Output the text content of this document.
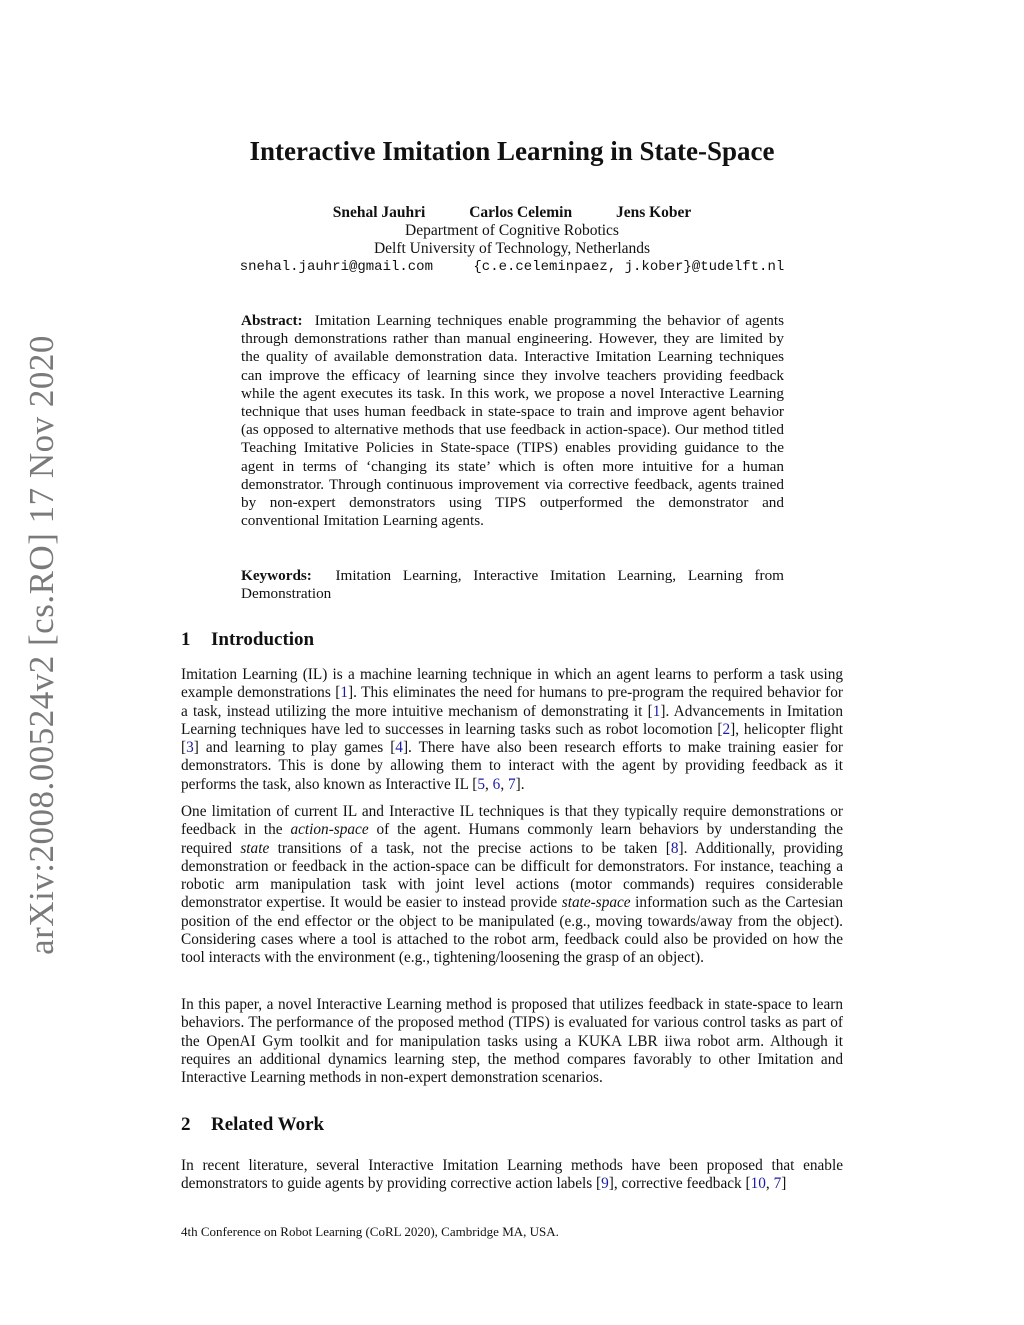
arXiv:2008.00524v2 [cs.RO] 17 Nov 2020
Interactive Imitation Learning in State-Space
Snehal Jauhri	Carlos Celemin	Jens Kober
Department of Cognitive Robotics
Delft University of Technology, Netherlands
snehal.jauhri@gmail.com	{c.e.celeminpaez, j.kober}@tudelft.nl

Abstract: Imitation Learning techniques enable programming the behavior of agents through demonstrations rather than manual engineering. However, they are limited by the quality of available demonstration data. Interactive Imitation Learning techniques can improve the efficacy of learning since they involve teachers providing feedback while the agent executes its task. In this work, we propose a novel Interactive Learning technique that uses human feedback in state-space to train and improve agent behavior (as opposed to alternative methods that use feedback in action-space). Our method titled Teaching Imitative Policies in State-space (TIPS) enables providing guidance to the agent in terms of ‘changing its state’ which is often more intuitive for a human demonstrator. Through continuous improvement via corrective feedback, agents trained by non-expert demonstrators using TIPS outperformed the demonstrator and conventional Imitation Learning agents.

Keywords: Imitation Learning, Interactive Imitation Learning, Learning from Demonstration

1 Introduction

Imitation Learning (IL) is a machine learning technique in which an agent learns to perform a task using example demonstrations [1]. This eliminates the need for humans to pre-program the required behavior for a task, instead utilizing the more intuitive mechanism of demonstrating it [1]. Advancements in Imitation Learning techniques have led to successes in learning tasks such as robot locomotion [2], helicopter flight [3] and learning to play games [4]. There have also been research efforts to make training easier for demonstrators. This is done by allowing them to interact with the agent by providing feedback as it performs the task, also known as Interactive IL [5, 6, 7].

One limitation of current IL and Interactive IL techniques is that they typically require demonstrations or feedback in the action-space of the agent. Humans commonly learn behaviors by understanding the required state transitions of a task, not the precise actions to be taken [8]. Additionally, providing demonstration or feedback in the action-space can be difficult for demonstrators. For instance, teaching a robotic arm manipulation task with joint level actions (motor commands) requires considerable demonstrator expertise. It would be easier to instead provide state-space information such as the Cartesian position of the end effector or the object to be manipulated (e.g., moving towards/away from the object). Considering cases where a tool is attached to the robot arm, feedback could also be provided on how the tool interacts with the environment (e.g., tightening/loosening the grasp of an object).

In this paper, a novel Interactive Learning method is proposed that utilizes feedback in state-space to learn behaviors. The performance of the proposed method (TIPS) is evaluated for various control tasks as part of the OpenAI Gym toolkit and for manipulation tasks using a KUKA LBR iiwa robot arm. Although it requires an additional dynamics learning step, the method compares favorably to other Imitation and Interactive Learning methods in non-expert demonstration scenarios.

2 Related Work

In recent literature, several Interactive Imitation Learning methods have been proposed that enable demonstrators to guide agents by providing corrective action labels [9], corrective feedback [10, 7]

4th Conference on Robot Learning (CoRL 2020), Cambridge MA, USA.
